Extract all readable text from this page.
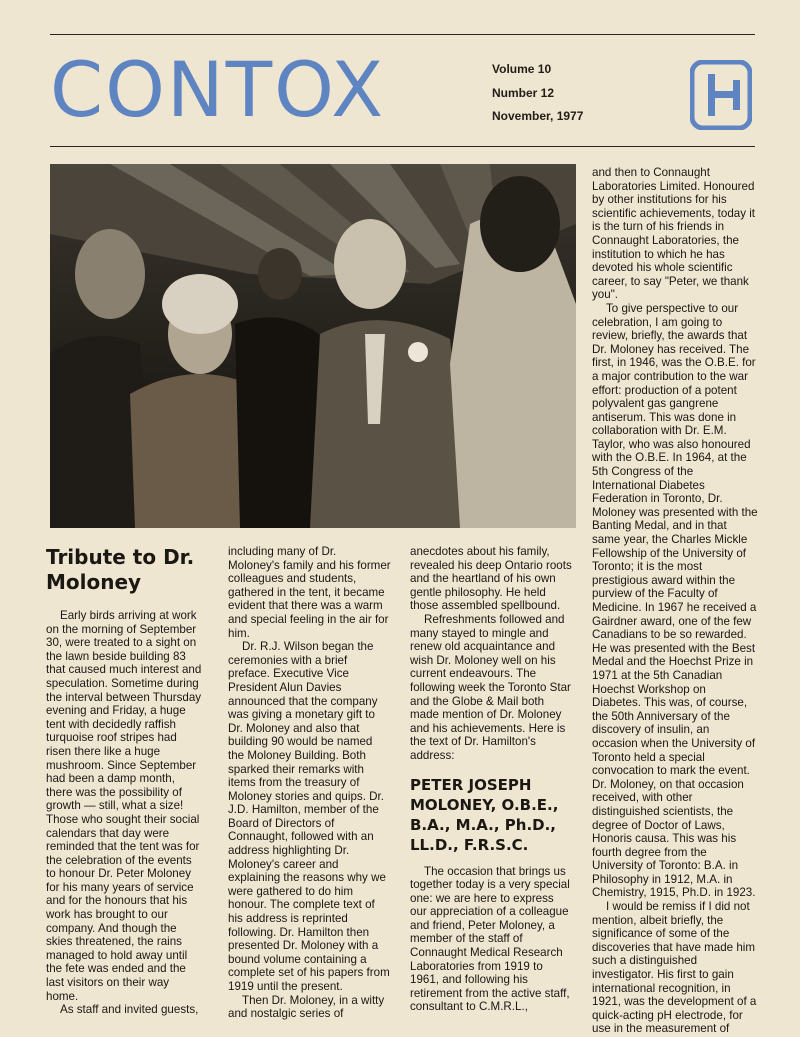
CONTOX	Volume 10
Number 12
November, 1977
Tribute to Dr. Moloney

Early birds arriving at work on the morning of September 30, were treated to a sight on the lawn beside building 83 that caused much interest and speculation. Sometime during the interval between Thursday evening and Friday, a huge tent with decidedly raffish turquoise roof stripes had risen there like a huge mushroom. Since September had been a damp month, there was the possibility of growth — still, what a size! Those who sought their social calendars that day were reminded that the tent was for the celebration of the events to honour Dr. Peter Moloney for his many years of service and for the honours that his work has brought to our company. And though the skies threatened, the rains managed to hold away until the fete was ended and the last visitors on their way home.

As staff and invited guests,

including many of Dr. Moloney's family and his former colleagues and students, gathered in the tent, it became evident that there was a warm and special feeling in the air for him.

Dr. R.J. Wilson began the ceremonies with a brief preface. Executive Vice President Alun Davies announced that the company was giving a monetary gift to Dr. Moloney and also that building 90 would be named the Moloney Building. Both sparked their remarks with items from the treasury of Moloney stories and quips. Dr. J.D. Hamilton, member of the Board of Directors of Connaught, followed with an address highlighting Dr. Moloney's career and explaining the reasons why we were gathered to do him honour. The complete text of his address is reprinted following. Dr. Hamilton then presented Dr. Moloney with a bound volume containing a complete set of his papers from 1919 until the present.

Then Dr. Moloney, in a witty and nostalgic series of

anecdotes about his family, revealed his deep Ontario roots and the heartland of his own gentle philosophy. He held those assembled spellbound.

Refreshments followed and many stayed to mingle and renew old acquaintance and wish Dr. Moloney well on his current endeavours. The following week the Toronto Star and the Globe & Mail both made mention of Dr. Moloney and his achievements. Here is the text of Dr. Hamilton's address:

PETER JOSEPH MOLONEY, O.B.E., B.A., M.A., Ph.D., LL.D., F.R.S.C.

The occasion that brings us together today is a very special one: we are here to express our appreciation of a colleague and friend, Peter Moloney, a member of the staff of Connaught Medical Research Laboratories from 1919 to 1961, and following his retirement from the active staff, consultant to C.M.R.L.,

and then to Connaught Laboratories Limited. Honoured by other institutions for his scientific achievements, today it is the turn of his friends in Connaught Laboratories, the institution to which he has devoted his whole scientific career, to say "Peter, we thank you".

To give perspective to our celebration, I am going to review, briefly, the awards that Dr. Moloney has received. The first, in 1946, was the O.B.E. for a major contribution to the war effort: production of a potent polyvalent gas gangrene antiserum. This was done in collaboration with Dr. E.M. Taylor, who was also honoured with the O.B.E. In 1964, at the 5th Congress of the International Diabetes Federation in Toronto, Dr. Moloney was presented with the Banting Medal, and in that same year, the Charles Mickle Fellowship of the University of Toronto; it is the most prestigious award within the purview of the Faculty of Medicine. In 1967 he received a Gairdner award, one of the few Canadians to be so rewarded. He was presented with the Best Medal and the Hoechst Prize in 1971 at the 5th Canadian Hoechst Workshop on Diabetes. This was, of course, the 50th Anniversary of the discovery of insulin, an occasion when the University of Toronto held a special convocation to mark the event. Dr. Moloney, on that occasion received, with other distinguished scientists, the degree of Doctor of Laws, Honoris causa. This was his fourth degree from the University of Toronto: B.A. in Philosophy in 1912, M.A. in Chemistry, 1915, Ph.D. in 1923.

I would be remiss if I did not mention, albeit briefly, the significance of some of the discoveries that have made him such a distinguished investigator. His first to gain international recognition, in 1921, was the development of a quick-acting pH electrode, for use in the measurement of
